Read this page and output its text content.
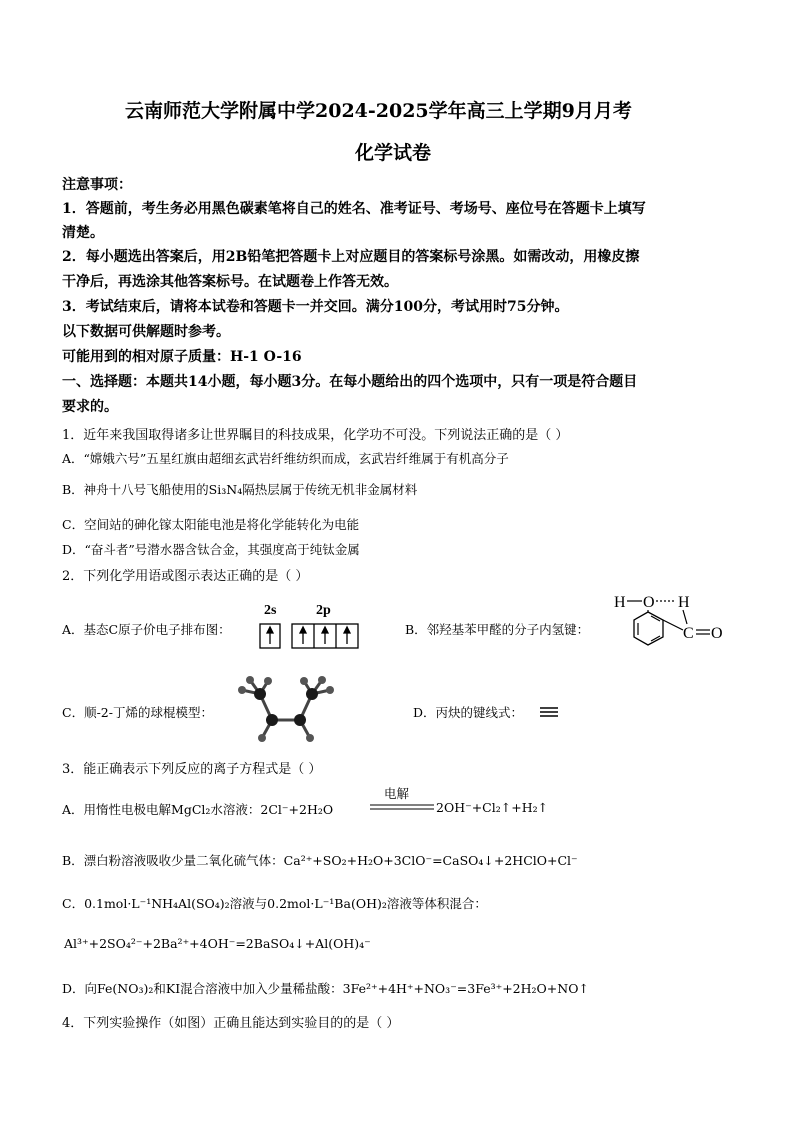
云南师范大学附属中学2024-2025学年高三上学期9月月考
化学试卷
注意事项：
1．答题前，考生务必用黑色碳素笔将自己的姓名、准考证号、考场号、座位号在答题卡上填写
清楚。
2．每小题选出答案后，用2B铅笔把答题卡上对应题目的答案标号涂黑。如需改动，用橡皮擦
干净后，再选涂其他答案标号。在试题卷上作答无效。
3．考试结束后，请将本试卷和答题卡一并交回。满分100分，考试用时75分钟。
以下数据可供解题时参考。
可能用到的相对原子质量：H-1 O-16
一、选择题：本题共14小题，每小题3分。在每小题给出的四个选项中，只有一项是符合题目
要求的。
1．近年来我国取得诸多让世界瞩目的科技成果，化学功不可没。下列说法正确的是（ ）
A．“嫦娥六号”五星红旗由超细玄武岩纤维纺织而成，玄武岩纤维属于有机高分子
B．神舟十八号飞船使用的Si₃N₄隔热层属于传统无机非金属材料
C．空间站的砷化镓太阳能电池是将化学能转化为电能
D．“奋斗者”号潜水器含钛合金，其强度高于纯钛金属
2．下列化学用语或图示表达正确的是（ ）
A．基态C原子价电子排布图：
2s	2p
B．邻羟基苯甲醛的分子内氢键：
H O H
C O
C．顺-2-丁烯的球棍模型：	D．丙炔的键线式：
3．能正确表示下列反应的离子方程式是（ ）
A．用惰性电极电解MgCl₂水溶液：2Cl⁻+2H₂O
电解
2OH⁻+Cl₂↑+H₂↑
B．漂白粉溶液吸收少量二氧化硫气体：Ca²⁺+SO₂+H₂O+3ClO⁻=CaSO₄↓+2HClO+Cl⁻
C．0.1mol·L⁻¹NH₄Al(SO₄)₂溶液与0.2mol·L⁻¹Ba(OH)₂溶液等体积混合：
Al³⁺+2SO₄²⁻+2Ba²⁺+4OH⁻=2BaSO₄↓+Al(OH)₄⁻
D．向Fe(NO₃)₂和KI混合溶液中加入少量稀盐酸：3Fe²⁺+4H⁺+NO₃⁻=3Fe³⁺+2H₂O+NO↑
4．下列实验操作（如图）正确且能达到实验目的的是（ ）
